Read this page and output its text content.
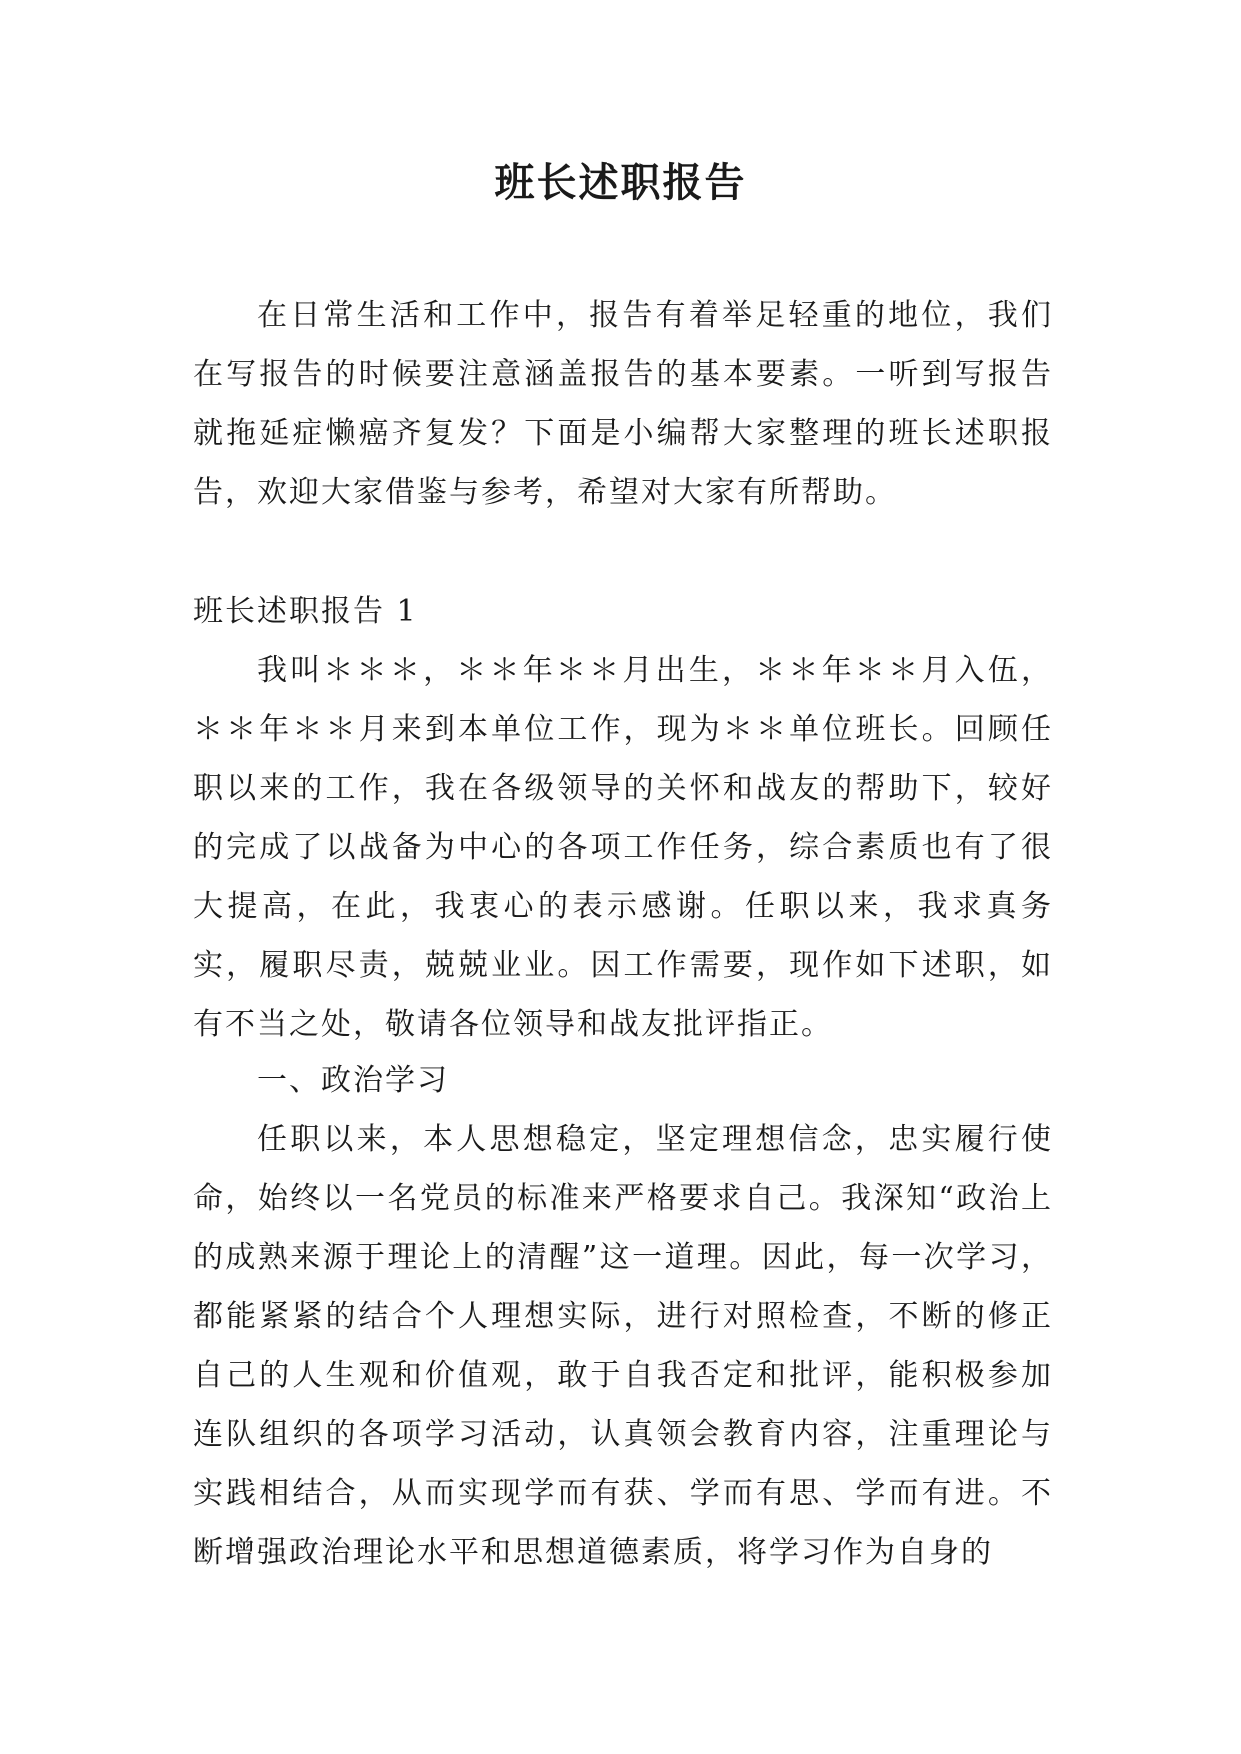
班长述职报告

在日常生活和工作中，报告有着举足轻重的地位，我们在写报告的时候要注意涵盖报告的基本要素。一听到写报告就拖延症懒癌齐复发？下面是小编帮大家整理的班长述职报告，欢迎大家借鉴与参考，希望对大家有所帮助。

班长述职报告 1

我叫＊＊＊，＊＊年＊＊月出生，＊＊年＊＊月入伍，＊＊年＊＊月来到本单位工作，现为＊＊单位班长。回顾任职以来的工作，我在各级领导的关怀和战友的帮助下，较好的完成了以战备为中心的各项工作任务，综合素质也有了很大提高，在此，我衷心的表示感谢。任职以来，我求真务实，履职尽责，兢兢业业。因工作需要，现作如下述职，如有不当之处，敬请各位领导和战友批评指正。

一、政治学习

任职以来，本人思想稳定，坚定理想信念，忠实履行使命，始终以一名党员的标准来严格要求自己。我深知“政治上的成熟来源于理论上的清醒”这一道理。因此，每一次学习，都能紧紧的结合个人理想实际，进行对照检查，不断的修正自己的人生观和价值观，敢于自我否定和批评，能积极参加连队组织的各项学习活动，认真领会教育内容，注重理论与实践相结合，从而实现学而有获、学而有思、学而有进。不断增强政治理论水平和思想道德素质，将学习作为自身的
